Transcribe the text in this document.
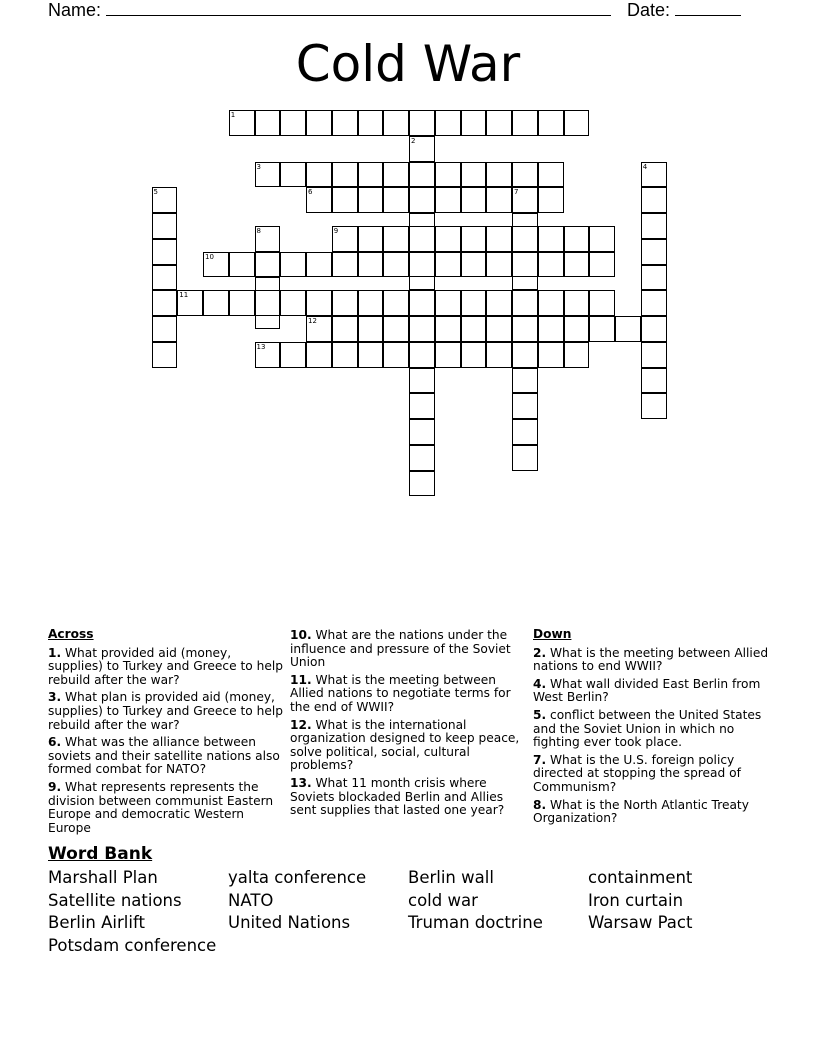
Name:	Date:
Cold War
1
2
3	4
5	6	7
8	9
10
11
12
13
Across
1. What provided aid (money, supplies) to Turkey and Greece to help rebuild after the war?
3. What plan is provided aid (money, supplies) to Turkey and Greece to help rebuild after the war?
6. What was the alliance between soviets and their satellite nations also formed combat for NATO?
9. What represents represents the division between communist Eastern Europe and democratic Western Europe
10. What are the nations under the influence and pressure of the Soviet Union
11. What is the meeting between Allied nations to negotiate terms for the end of WWII?
12. What is the international organization designed to keep peace, solve political, social, cultural problems?
13. What 11 month crisis where Soviets blockaded Berlin and Allies sent supplies that lasted one year?
Down
2. What is the meeting between Allied nations to end WWII?
4. What wall divided East Berlin from West Berlin?
5. conflict between the United States and the Soviet Union in which no fighting ever took place.
7. What is the U.S. foreign policy directed at stopping the spread of Communism?
8. What is the North Atlantic Treaty Organization?
Word Bank
Marshall Plan	yalta conference	Berlin wall	containment
Satellite nations	NATO	cold war	Iron curtain
Berlin Airlift	United Nations	Truman doctrine	Warsaw Pact
Potsdam conference
